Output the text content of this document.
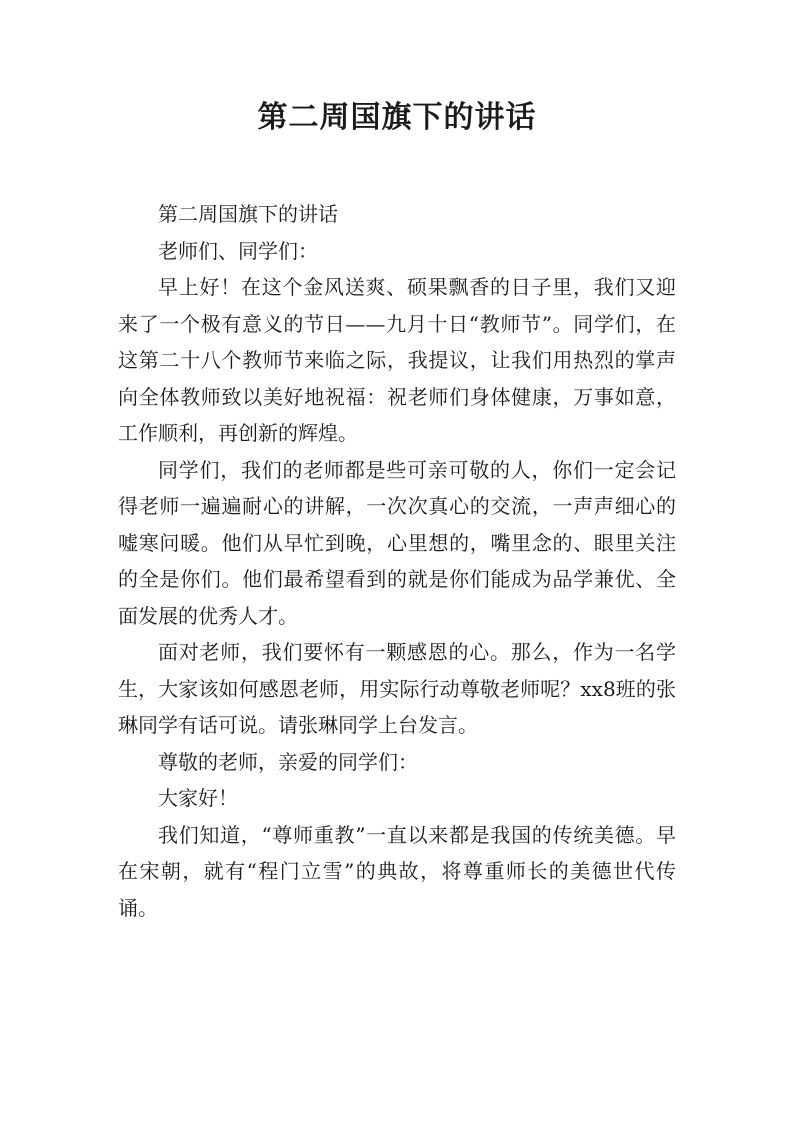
第二周国旗下的讲话

第二周国旗下的讲话

老师们、同学们：

早上好！在这个金风送爽、硕果飘香的日子里，我们又迎来了一个极有意义的节日——九月十日“教师节”。同学们，在这第二十八个教师节来临之际，我提议，让我们用热烈的掌声向全体教师致以美好地祝福：祝老师们身体健康，万事如意，工作顺利，再创新的辉煌。

同学们，我们的老师都是些可亲可敬的人，你们一定会记得老师一遍遍耐心的讲解，一次次真心的交流，一声声细心的嘘寒问暖。他们从早忙到晚，心里想的，嘴里念的、眼里关注的全是你们。他们最希望看到的就是你们能成为品学兼优、全面发展的优秀人才。

面对老师，我们要怀有一颗感恩的心。那么，作为一名学生，大家该如何感恩老师，用实际行动尊敬老师呢？xx8班的张琳同学有话可说。请张琳同学上台发言。

尊敬的老师，亲爱的同学们：

大家好！

我们知道，“尊师重教”一直以来都是我国的传统美德。早在宋朝，就有“程门立雪”的典故，将尊重师长的美德世代传诵。
